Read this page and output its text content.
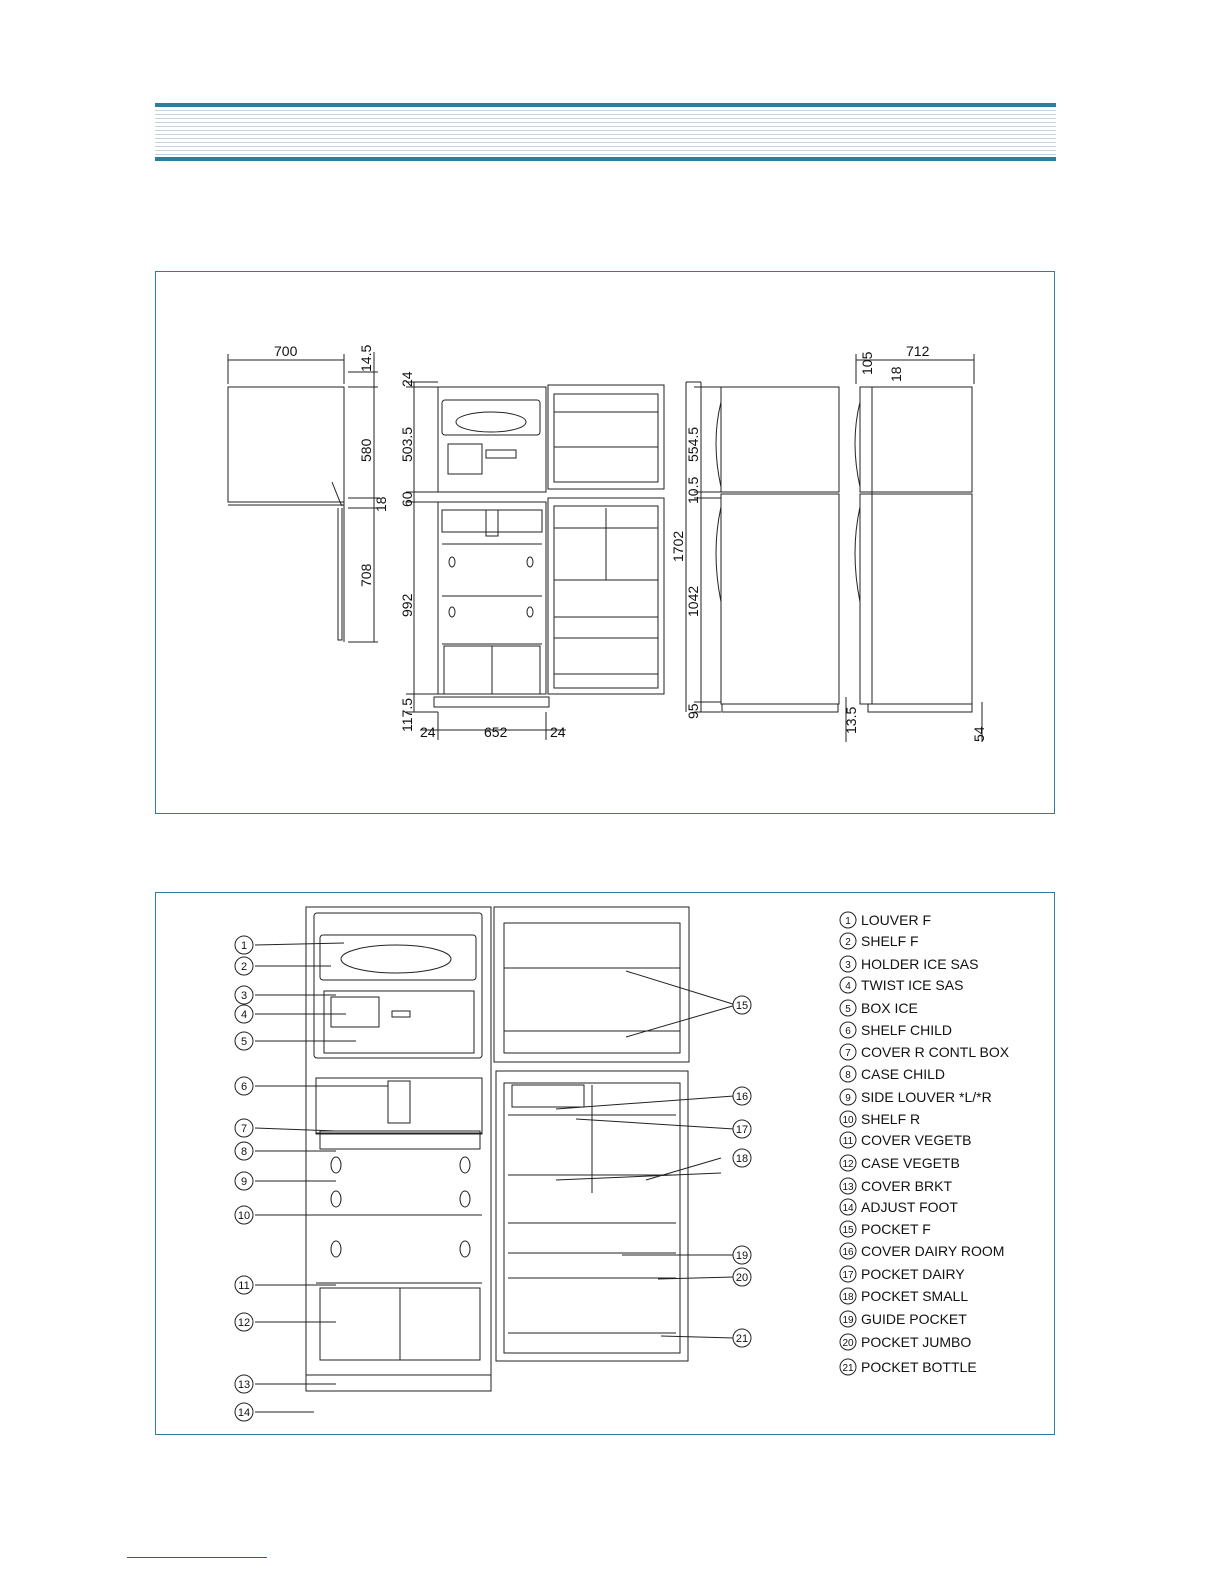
700	14.5
580
18
708
24
503.5
60
992
117.5 24	652	24
554.5
10.5
1702
1042
95
712
105 18
13.5
54
1
2
3
4
5
6
7
8
9
10
11
12
13
14
15
16
17
18
19
20
21
1 LOUVER F
2 SHELF F
3 HOLDER ICE SAS
4 TWIST ICE SAS
5 BOX ICE
6 SHELF CHILD
7 COVER R CONTL BOX
8 CASE CHILD
9 SIDE LOUVER *L/*R
10 SHELF R
11 COVER VEGETB
12 CASE VEGETB
13 COVER BRKT
14 ADJUST FOOT
15 POCKET F
16 COVER DAIRY ROOM
17 POCKET DAIRY
18 POCKET SMALL
19 GUIDE POCKET
20 POCKET JUMBO
21 POCKET BOTTLE
